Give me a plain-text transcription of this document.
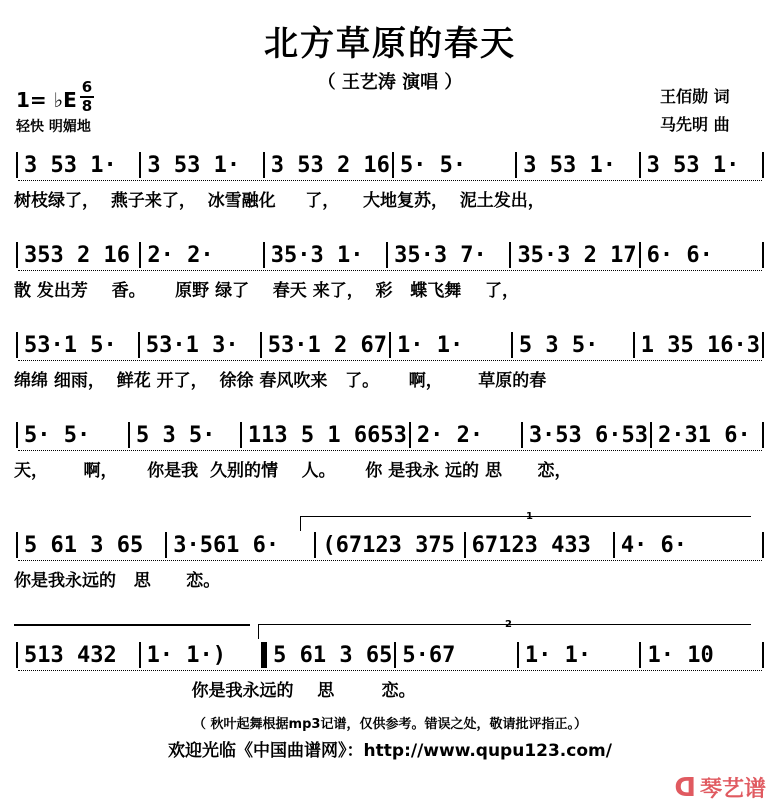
北方草原的春天
（ 王艺涛 演唱 ）
1= ♭E
6
8
轻快 明媚地
王佰勋 词
马先明 曲
3 53 1·	3 53 1·	3 53 2 16 5· 5·	3 53 1·	3 53 1·
树枝绿了，  燕子来了，  冰雪融化     了，    大地复苏，  泥土发出，
353 2 16 2· 2·	35·3 1·	35·3 7·	35·3 2 17 6· 6·
散 发出芳    香。     原野 绿了    春天 来了，  彩   蝶飞舞    了，
53·1 5·	53·1 3·	53·1 2 67 1· 1·	5 3 5·	1 35 16·3
绵绵 细雨，  鲜花 开了，  徐徐 春风吹来   了。     啊，      草原的春
5· 5·	5 3 5·	113 5 1 6653 2· 2·	3·53 6·53 2·31 6·
天，      啊，     你是我  久别的情    人。     你 是我永 远的 思      恋，
5 61 3 65	3·561 6·	(67123 375 67123 433	4· 6·
你是我永远的   思      恋。
1
513 432	1· 1·)	5 61 3 65 5·67	1· 1·	1· 10
你是我永远的    思        恋。
2
（ 秋叶起舞根据mp3记谱，仅供参考。错误之处，敬请批评指正。）
欢迎光临《中国曲谱网》：http://www.qupu123.com/
ᗡ 琴艺谱
